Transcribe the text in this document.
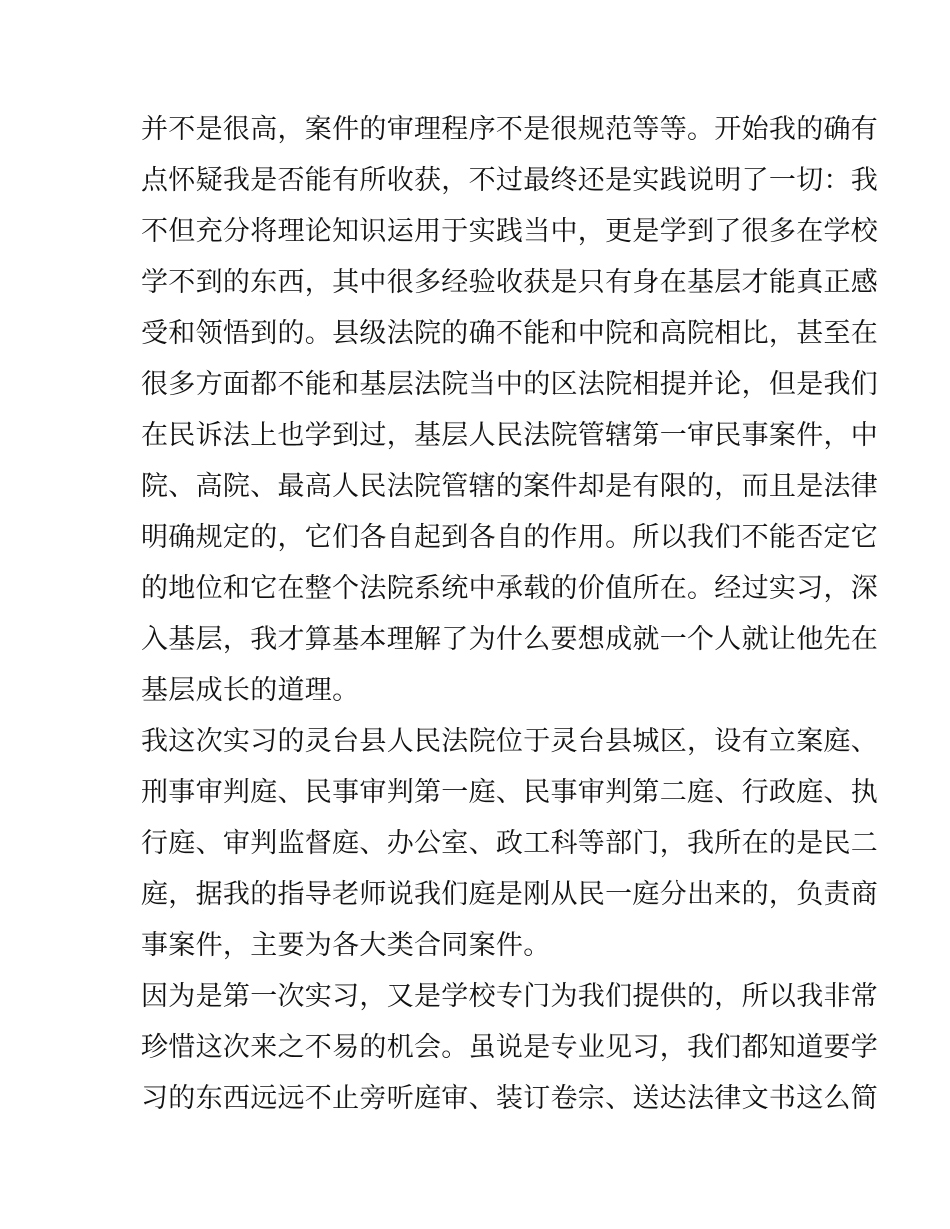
并不是很高，案件的审理程序不是很规范等等。开始我的确有
点怀疑我是否能有所收获，不过最终还是实践说明了一切：我
不但充分将理论知识运用于实践当中，更是学到了很多在学校
学不到的东西，其中很多经验收获是只有身在基层才能真正感
受和领悟到的。县级法院的确不能和中院和高院相比，甚至在
很多方面都不能和基层法院当中的区法院相提并论，但是我们
在民诉法上也学到过，基层人民法院管辖第一审民事案件，中
院、高院、最高人民法院管辖的案件却是有限的，而且是法律
明确规定的，它们各自起到各自的作用。所以我们不能否定它
的地位和它在整个法院系统中承载的价值所在。经过实习，深
入基层，我才算基本理解了为什么要想成就一个人就让他先在
基层成长的道理。
我这次实习的灵台县人民法院位于灵台县城区，设有立案庭、
刑事审判庭、民事审判第一庭、民事审判第二庭、行政庭、执
行庭、审判监督庭、办公室、政工科等部门，我所在的是民二
庭，据我的指导老师说我们庭是刚从民一庭分出来的，负责商
事案件，主要为各大类合同案件。
因为是第一次实习，又是学校专门为我们提供的，所以我非常
珍惜这次来之不易的机会。虽说是专业见习，我们都知道要学
习的东西远远不止旁听庭审、装订卷宗、送达法律文书这么简
